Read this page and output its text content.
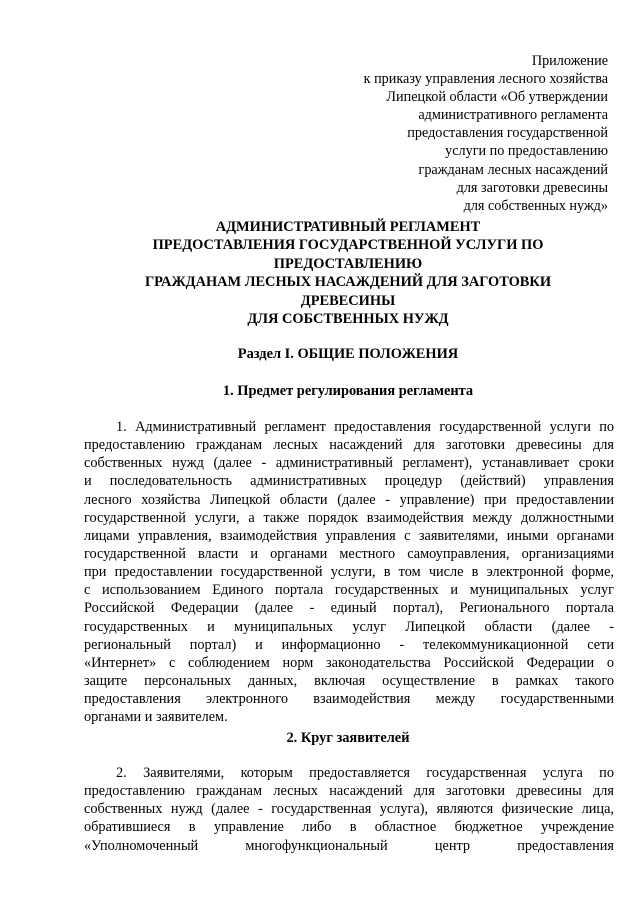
Приложение
к приказу управления лесного хозяйства
Липецкой области «Об утверждении
административного регламента
предоставления государственной
услуги по предоставлению
гражданам лесных насаждений
для заготовки древесины
для собственных нужд»
АДМИНИСТРАТИВНЫЙ РЕГЛАМЕНТ
ПРЕДОСТАВЛЕНИЯ ГОСУДАРСТВЕННОЙ УСЛУГИ ПО
ПРЕДОСТАВЛЕНИЮ
ГРАЖДАНАМ ЛЕСНЫХ НАСАЖДЕНИЙ ДЛЯ ЗАГОТОВКИ
ДРЕВЕСИНЫ
ДЛЯ СОБСТВЕННЫХ НУЖД
Раздел I. ОБЩИЕ ПОЛОЖЕНИЯ
1. Предмет регулирования регламента
1. Административный регламент предоставления государственной услуги по
предоставлению гражданам лесных насаждений для заготовки древесины для
собственных нужд (далее - административный регламент), устанавливает сроки
и последовательность административных процедур (действий) управления
лесного хозяйства Липецкой области (далее - управление) при предоставлении
государственной услуги, а также порядок взаимодействия между должностными
лицами управления, взаимодействия управления с заявителями, иными органами
государственной власти и органами местного самоуправления, организациями
при предоставлении государственной услуги, в том числе в электронной форме,
с использованием Единого портала государственных и муниципальных услуг
Российской Федерации (далее - единый портал), Регионального портала
государственных и муниципальных услуг Липецкой области (далее -
региональный портал) и информационно - телекоммуникационной сети
«Интернет» с соблюдением норм законодательства Российской Федерации о
защите персональных данных, включая осуществление в рамках такого
предоставления электронного взаимодействия между государственными
органами и заявителем.
2. Круг заявителей
2. Заявителями, которым предоставляется государственная услуга по
предоставлению гражданам лесных насаждений для заготовки древесины для
собственных нужд (далее - государственная услуга), являются физические лица,
обратившиеся в управление либо в областное бюджетное учреждение
«Уполномоченный многофункциональный центр предоставления
